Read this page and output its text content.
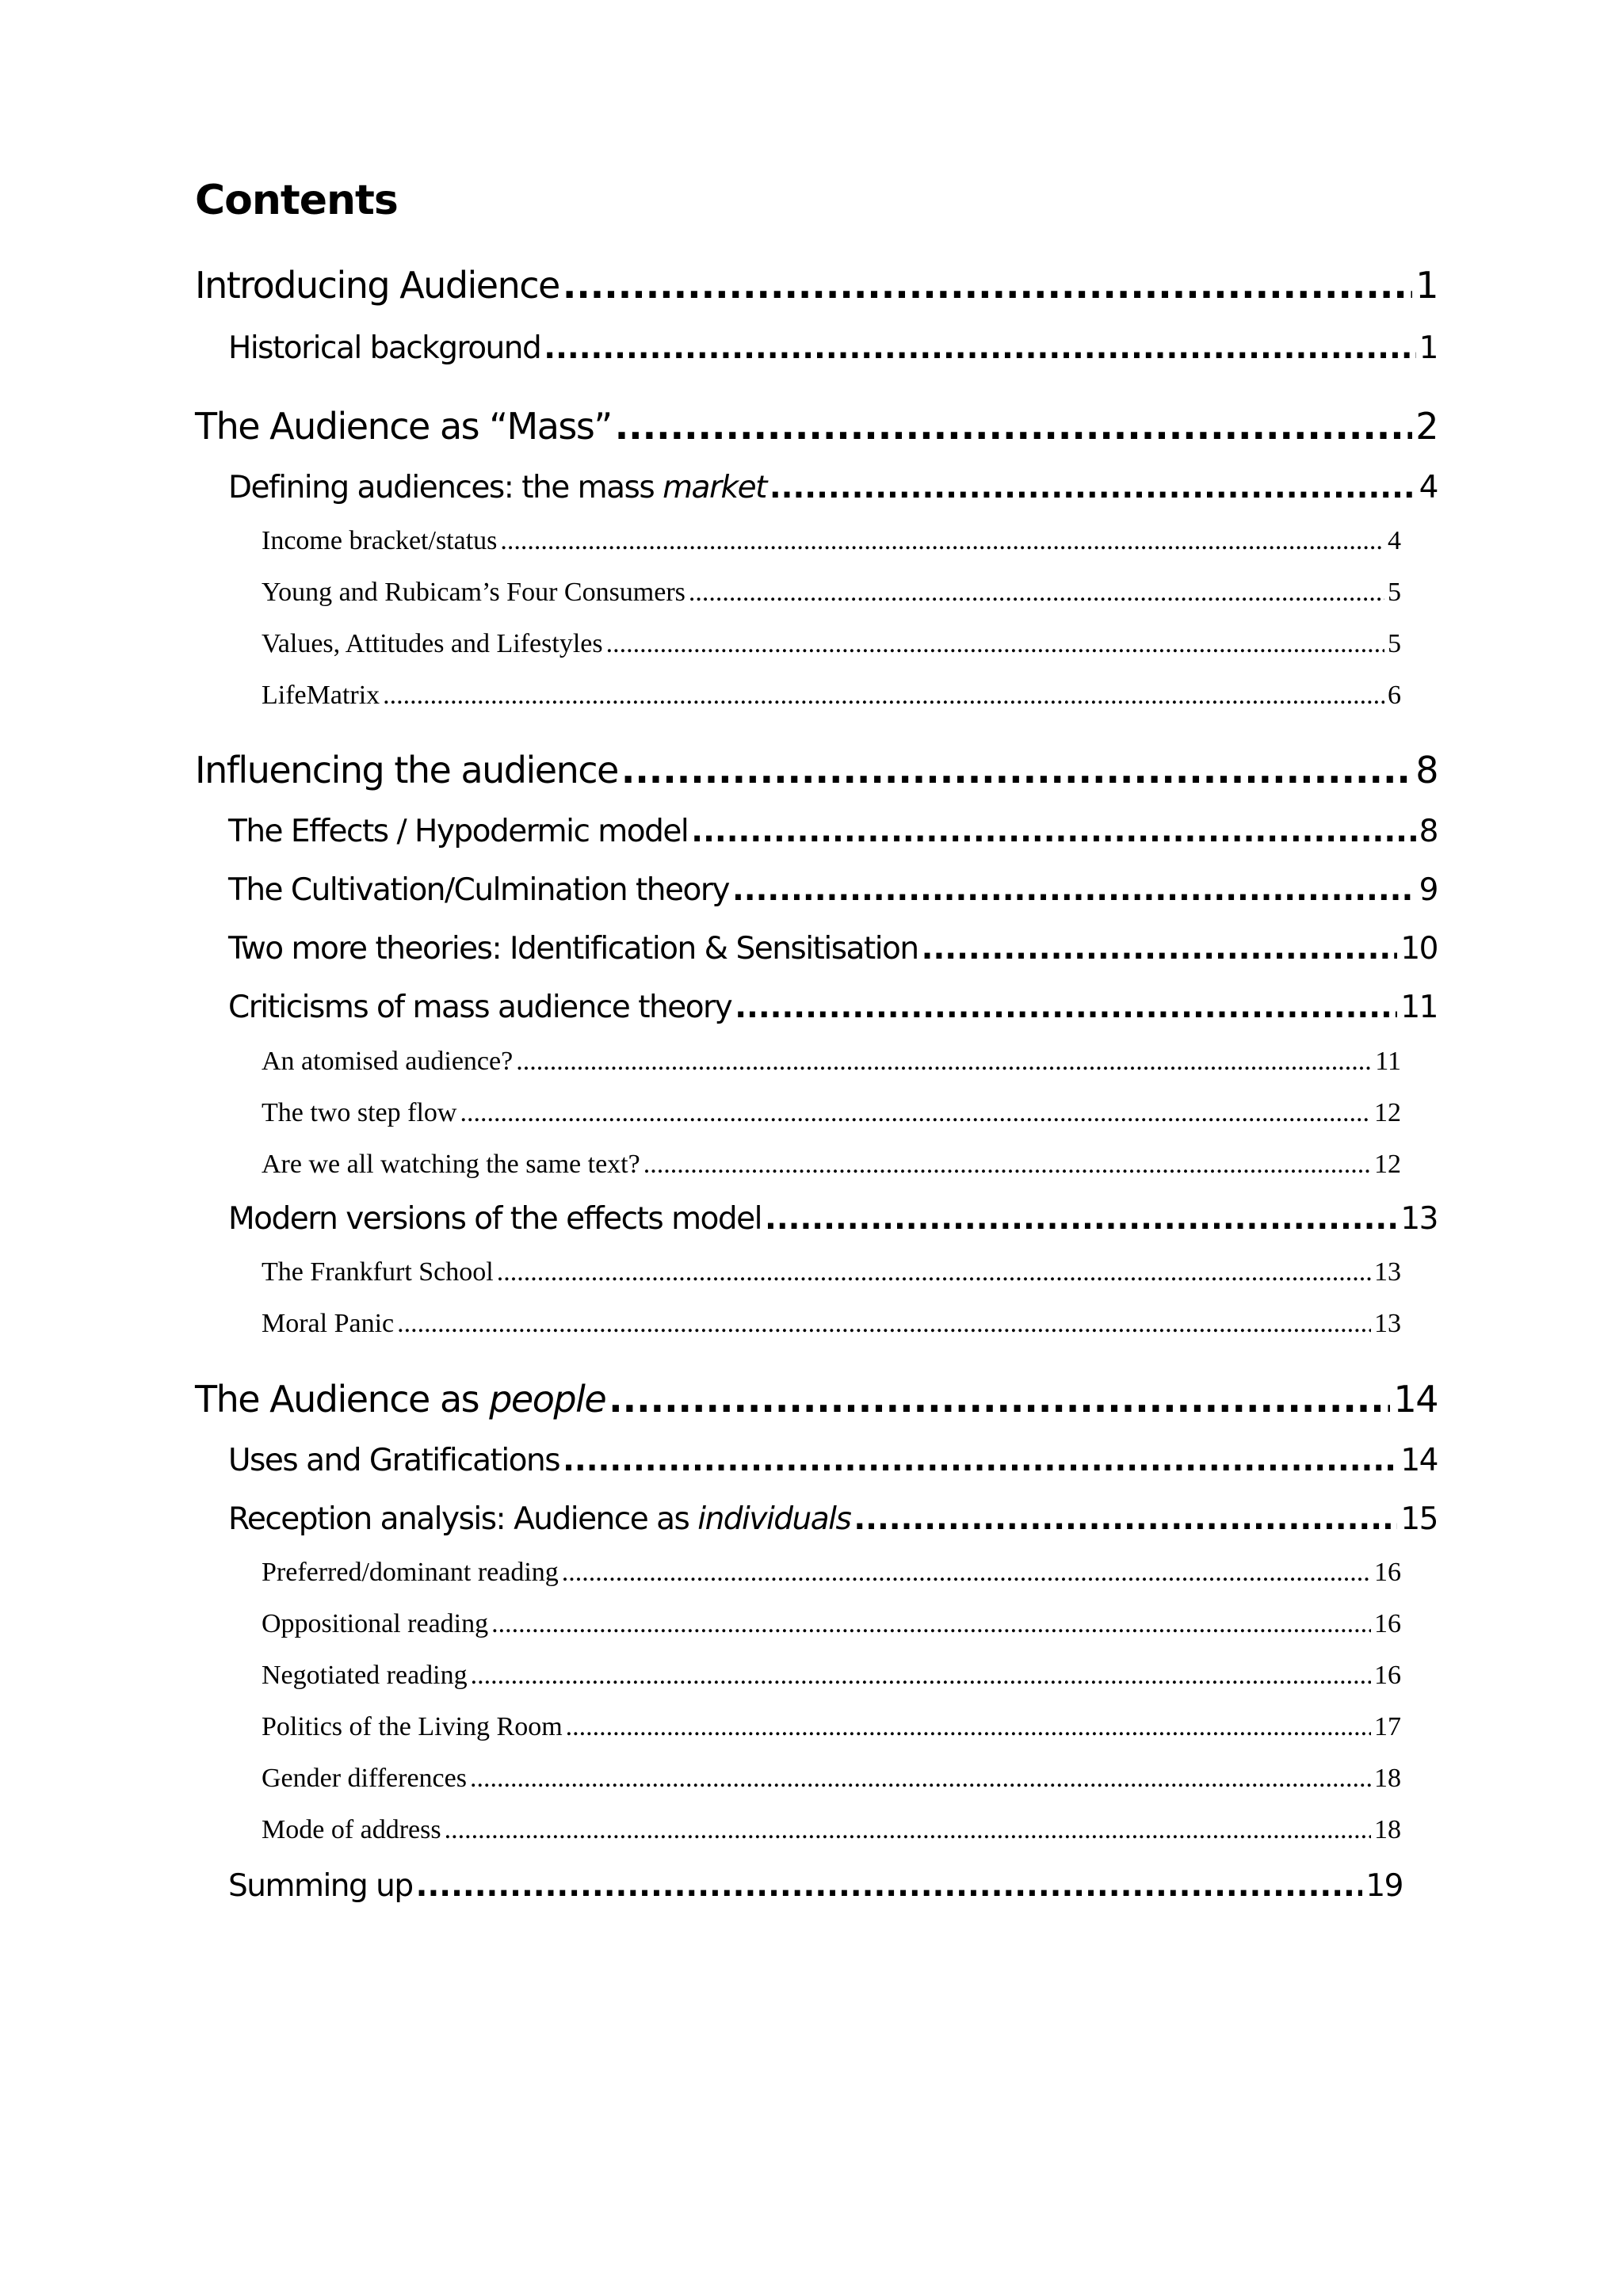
Contents
Introducing Audience .....	1
Historical background .....	1
The Audience as “Mass” .....	2
Defining audiences: the mass market .....	4
Income bracket/status .....	4
Young and Rubicam’s Four Consumers .....	5
Values, Attitudes and Lifestyles .....	5
LifeMatrix .....	6
Influencing the audience .....	8
The Effects / Hypodermic model .....	8
The Cultivation/Culmination theory .....	9
Two more theories: Identification & Sensitisation .....	10
Criticisms of mass audience theory .....	11
An atomised audience? .....	11
The two step flow .....	12
Are we all watching the same text? .....	12
Modern versions of the effects model .....	13
The Frankfurt School .....	13
Moral Panic .....	13
The Audience as people .....	14
Uses and Gratifications .....	14
Reception analysis: Audience as individuals .....	15
Preferred/dominant reading .....	16
Oppositional reading .....	16
Negotiated reading .....	16
Politics of the Living Room .....	17
Gender differences .....	18
Mode of address .....	18
Summing up .....	19
